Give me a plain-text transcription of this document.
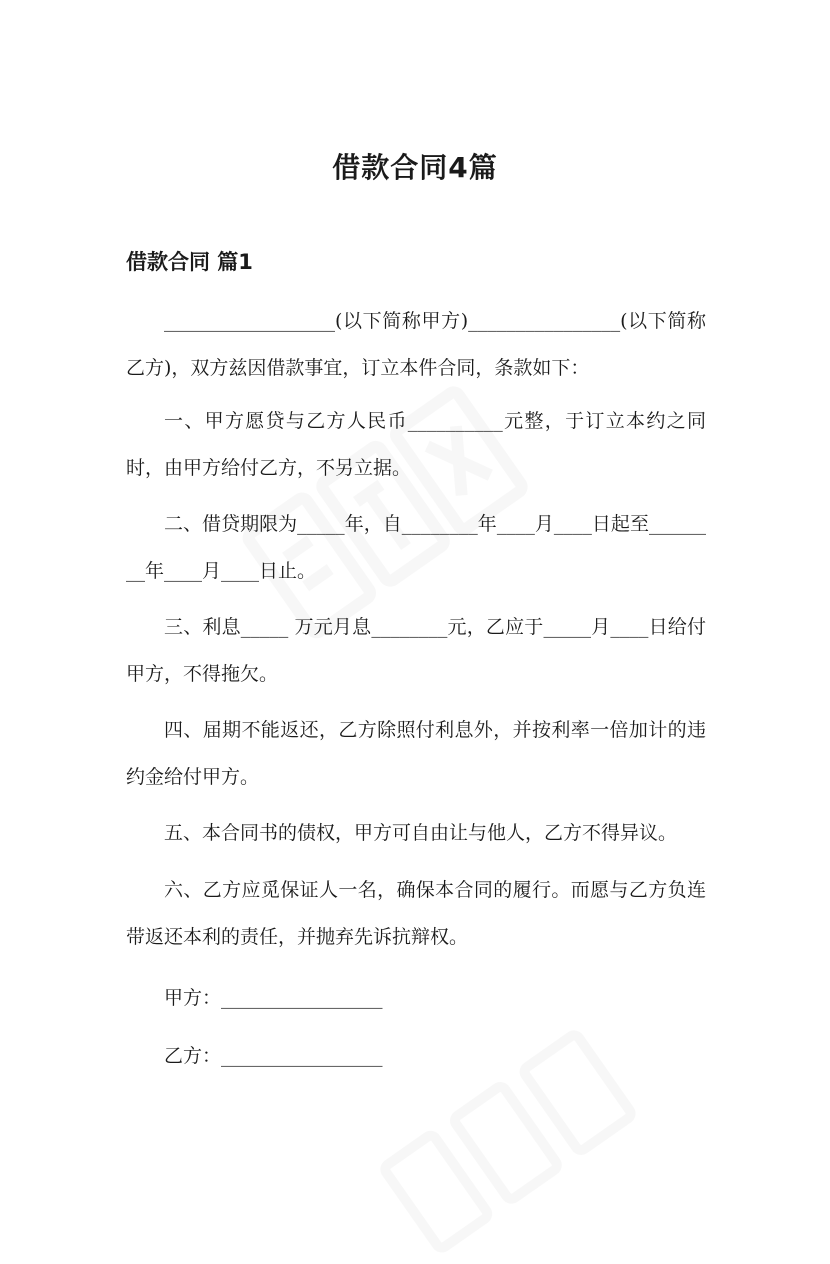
借款合同4篇
借款合同 篇1

__________________(以下简称甲方)________________(以下简称乙方)，双方兹因借款事宜，订立本件合同，条款如下：

一、甲方愿贷与乙方人民币__________元整，于订立本约之同时，由甲方给付乙方，不另立据。

二、借贷期限为_____年，自________年____月____日起至________年____月____日止。

三、利息_____ 万元月息________元，乙应于_____月____日给付甲方，不得拖欠。

四、届期不能返还，乙方除照付利息外，并按利率一倍加计的违约金给付甲方。

五、本合同书的债权，甲方可自由让与他人，乙方不得异议。

六、乙方应觅保证人一名，确保本合同的履行。而愿与乙方负连带返还本利的责任，并抛弃先诉抗辩权。

甲方：_________________

乙方：_________________
